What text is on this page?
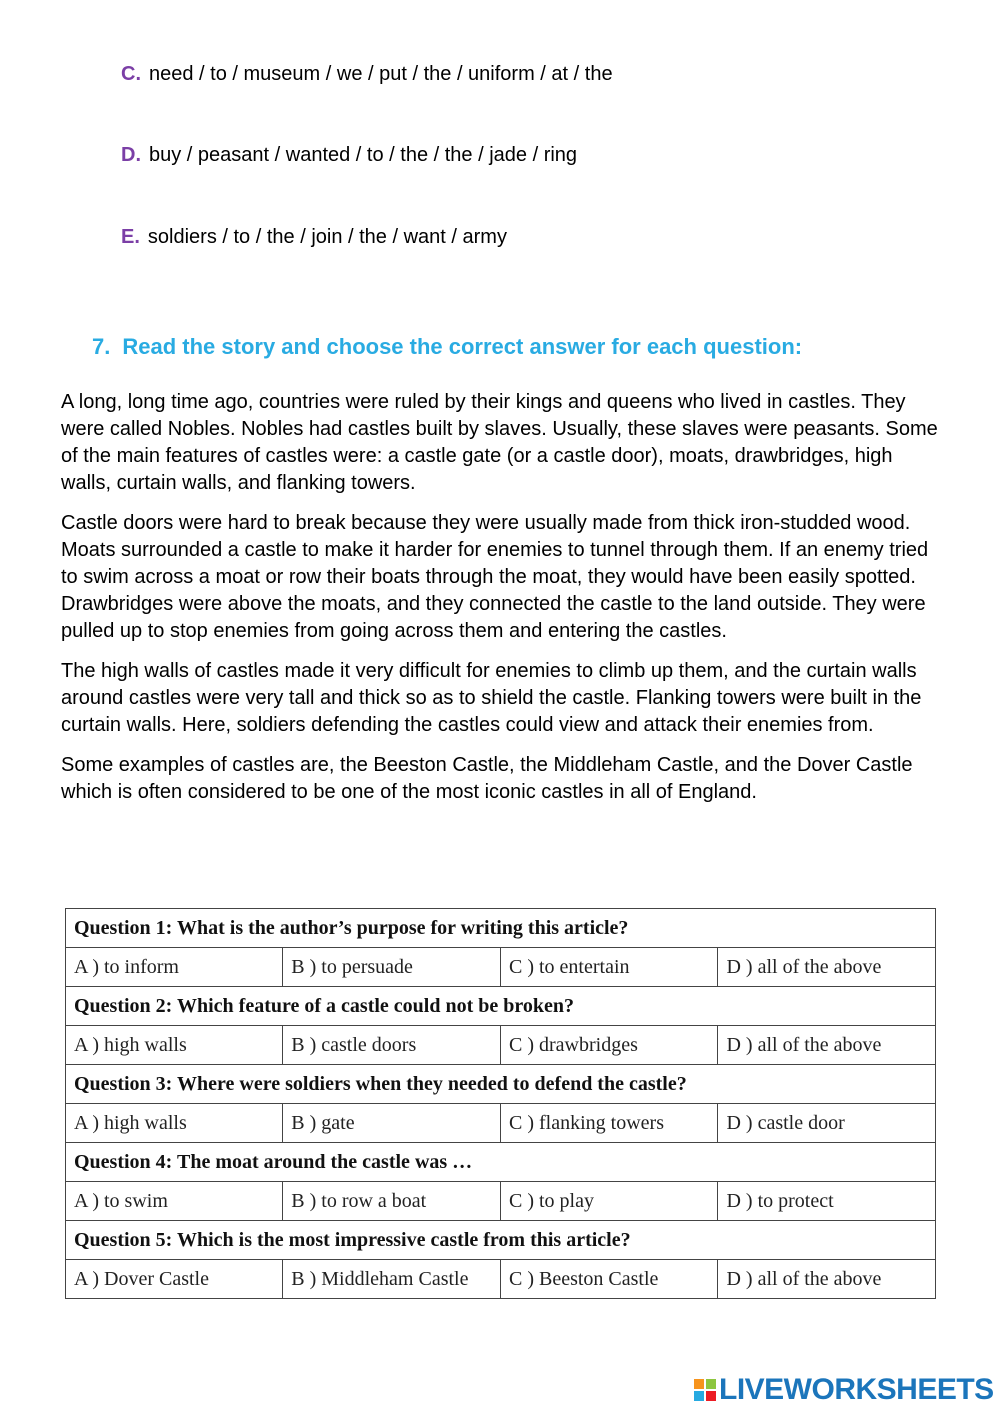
C. need / to / museum / we / put / the / uniform / at / the
D. buy / peasant / wanted / to / the / the / jade / ring
E. soldiers / to / the / join / the / want / army
7. Read the story and choose the correct answer for each question:

A long, long time ago, countries were ruled by their kings and queens who lived in castles. They were called Nobles. Nobles had castles built by slaves. Usually, these slaves were peasants. Some of the main features of castles were: a castle gate (or a castle door), moats, drawbridges, high walls, curtain walls, and flanking towers.

Castle doors were hard to break because they were usually made from thick iron-studded wood. Moats surrounded a castle to make it harder for enemies to tunnel through them. If an enemy tried to swim across a moat or row their boats through the moat, they would have been easily spotted. Drawbridges were above the moats, and they connected the castle to the land outside. They were pulled up to stop enemies from going across them and entering the castles.

The high walls of castles made it very difficult for enemies to climb up them, and the curtain walls around castles were very tall and thick so as to shield the castle. Flanking towers were built in the curtain walls. Here, soldiers defending the castles could view and attack their enemies from.

Some examples of castles are, the Beeston Castle, the Middleham Castle, and the Dover Castle which is often considered to be one of the most iconic castles in all of England.

Question 1: What is the author’s purpose for writing this article?			
A ) to inform	B ) to persuade	C ) to entertain	D ) all of the above
Question 2: Which feature of a castle could not be broken?			
A ) high walls	B ) castle doors	C ) drawbridges	D ) all of the above
Question 3: Where were soldiers when they needed to defend the castle?			
A ) high walls	B ) gate	C ) flanking towers	D ) castle door
Question 4: The moat around the castle was …			
A ) to swim	B ) to row a boat	C ) to play	D ) to protect
Question 5: Which is the most impressive castle from this article?			
A ) Dover Castle	B ) Middleham Castle	C ) Beeston Castle	D ) all of the above
LIVEWORKSHEETS
